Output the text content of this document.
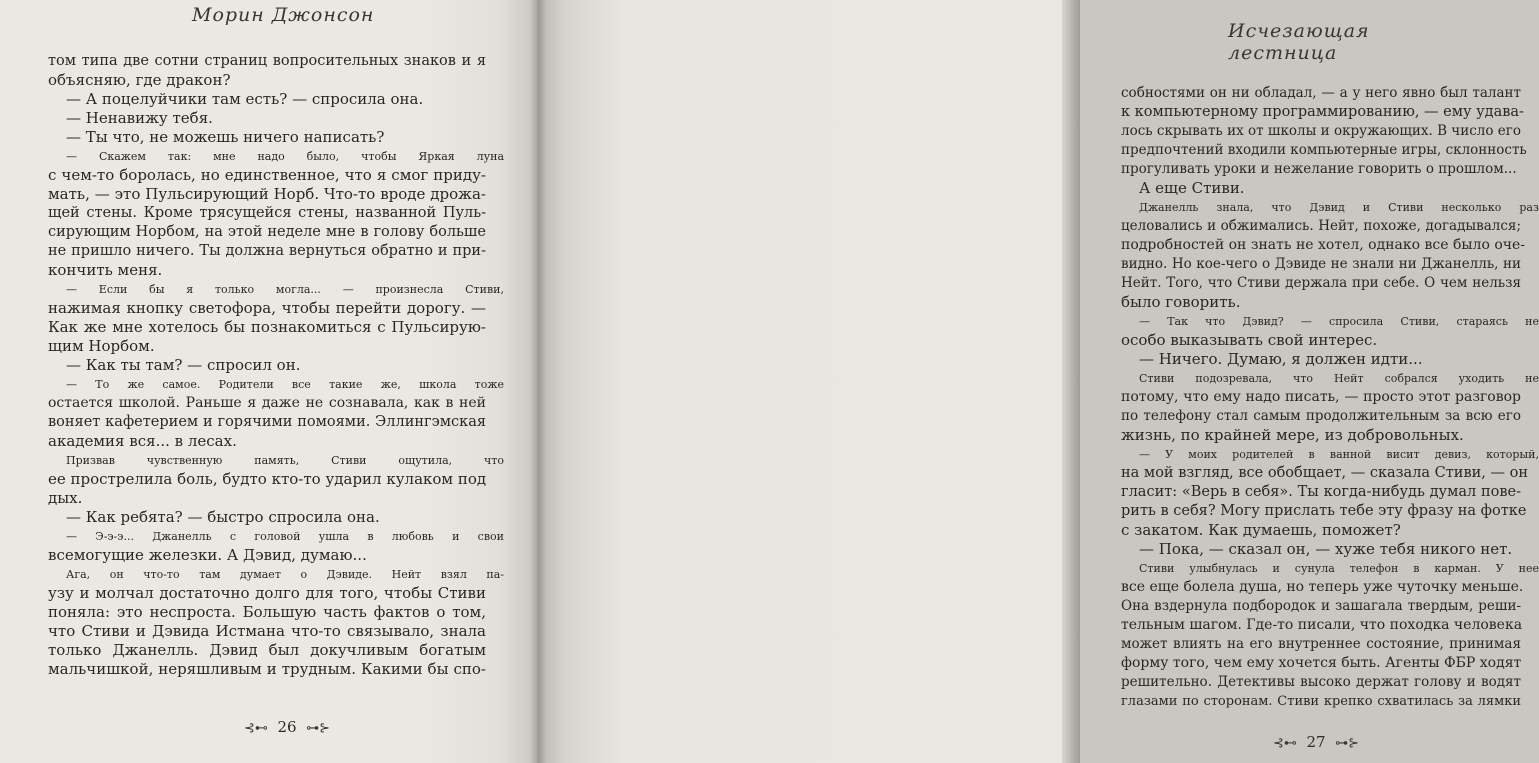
Морин Джонсон
том типа две сотни страниц вопросительных знаков и я
объясняю, где дракон?
— А поцелуйчики там есть? — спросила она.
— Ненавижу тебя.
— Ты что, не можешь ничего написать?
— Скажем так: мне надо было, чтобы Яркая луна
с чем-то боролась, но единственное, что я смог приду-
мать, — это Пульсирующий Норб. Что-то вроде дрожа-
щей стены. Кроме трясущейся стены, названной Пуль-
сирующим Норбом, на этой неделе мне в голову больше
не пришло ничего. Ты должна вернуться обратно и при-
кончить меня.
— Если бы я только могла... — произнесла Стиви,
нажимая кнопку светофора, чтобы перейти дорогу. —
Как же мне хотелось бы познакомиться с Пульсирую-
щим Норбом.
— Как ты там? — спросил он.
— То же самое. Родители все такие же, школа тоже
остается школой. Раньше я даже не сознавала, как в ней
воняет кафетерием и горячими помоями. Эллингэмская
академия вся... в лесах.
Призвав чувственную память, Стиви ощутила, что
ее прострелила боль, будто кто-то ударил кулаком под
дых.
— Как ребята? — быстро спросила она.
— Э-э-э... Джанелль с головой ушла в любовь и свои
всемогущие железки. А Дэвид, думаю...
Ага, он что-то там думает о Дэвиде. Нейт взял па-
узу и молчал достаточно долго для того, чтобы Стиви
поняла: это неспроста. Большую часть фактов о том,
что Стиви и Дэвида Истмана что-то связывало, знала
только Джанелль. Дэвид был докучливым богатым
мальчишкой, неряшливым и трудным. Какими бы спо-
⊰⊷ 26 ⊶⊱
Исчезающая лестница
собностями он ни обладал, — а у него явно был талант
к компьютерному программированию, — ему удава-
лось скрывать их от школы и окружающих. В число его
предпочтений входили компьютерные игры, склонность
прогуливать уроки и нежелание говорить о прошлом...
А еще Стиви.
Джанелль знала, что Дэвид и Стиви несколько раз
целовались и обжимались. Нейт, похоже, догадывался;
подробностей он знать не хотел, однако все было оче-
видно. Но кое-чего о Дэвиде не знали ни Джанелль, ни
Нейт. Того, что Стиви держала при себе. О чем нельзя
было говорить.
— Так что Дэвид? — спросила Стиви, стараясь не
особо выказывать свой интерес.
— Ничего. Думаю, я должен идти...
Стиви подозревала, что Нейт собрался уходить не
потому, что ему надо писать, — просто этот разговор
по телефону стал самым продолжительным за всю его
жизнь, по крайней мере, из добровольных.
— У моих родителей в ванной висит девиз, который,
на мой взгляд, все обобщает, — сказала Стиви, — он
гласит: «Верь в себя». Ты когда-нибудь думал пове-
рить в себя? Могу прислать тебе эту фразу на фотке
с закатом. Как думаешь, поможет?
— Пока, — сказал он, — хуже тебя никого нет.
Стиви улыбнулась и сунула телефон в карман. У нее
все еще болела душа, но теперь уже чуточку меньше.
Она вздернула подбородок и зашагала твердым, реши-
тельным шагом. Где-то писали, что походка человека
может влиять на его внутреннее состояние, принимая
форму того, чем ему хочется быть. Агенты ФБР ходят
решительно. Детективы высоко держат голову и водят
глазами по сторонам. Стиви крепко схватилась за лямки
⊰⊷ 27 ⊶⊱
